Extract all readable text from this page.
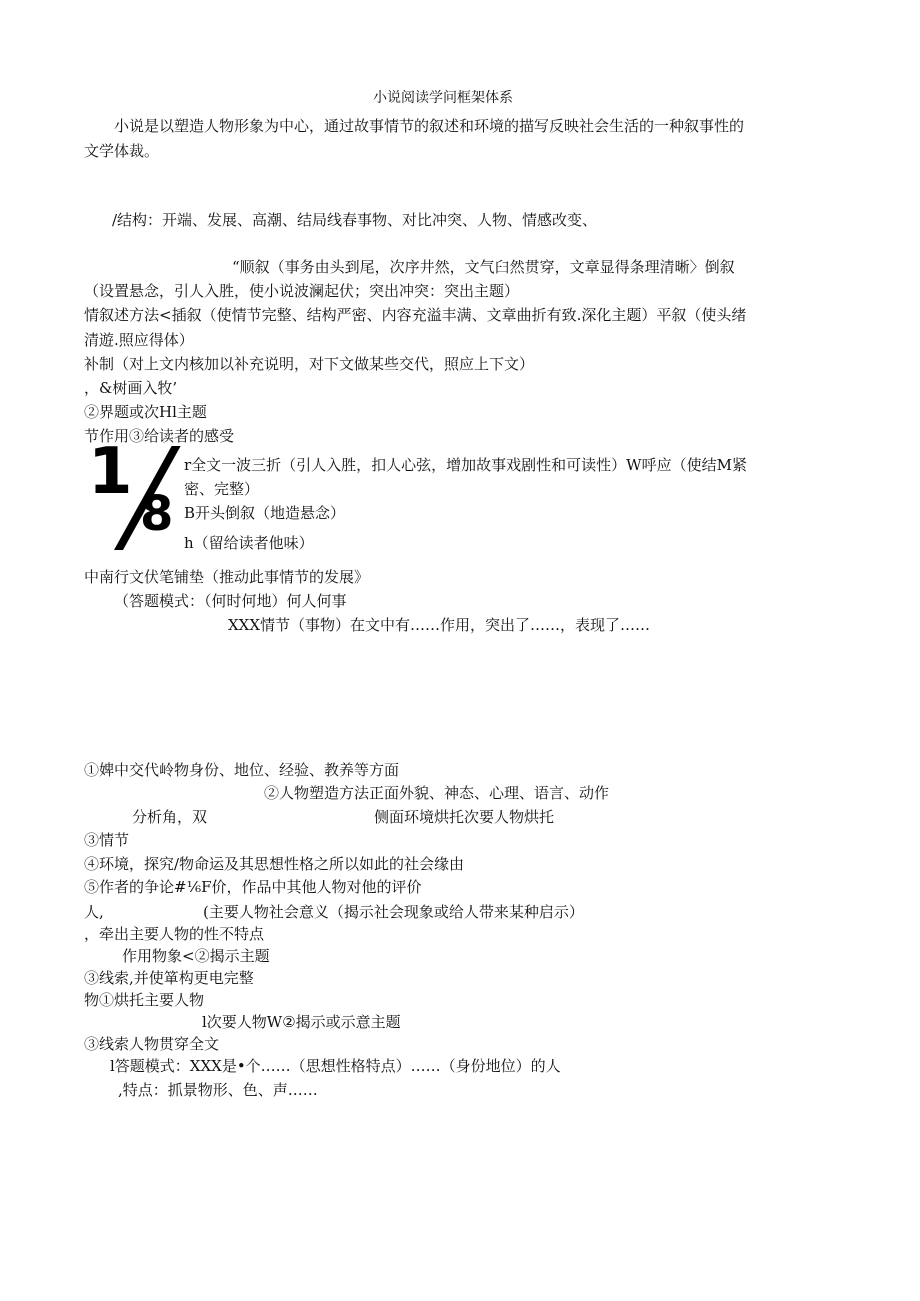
小说阅读学问框架体系
小说是以塑造人物形象为中心，通过故事情节的叙述和环境的描写反映社会生活的一种叙事性的
文学体裁。
/结构：开端、发展、高潮、结局线春事物、对比冲突、人物、情感改变、
“顺叙（事务由头到尾，次序井然，文气臼然贯穿，文章显得条理清晰〉倒叙
（设置悬念，引人入胜，使小说波澜起伏；突出冲突：突出主题）
情叙述方法<插叙（使情节完整、结构严密、内容充溢丰满、文章曲折有致.深化主题）平叙（使头绪
清遊.照应得体）
补制（对上文内核加以补充说明，对下文做某些交代，照应上下文）
，&树画入牧’
②界题或次Hl主题
节作用③给读者的感受
1
8
r全文一波三折（引人入胜，扣人心弦，增加故事戏剧性和可读性）W呼应（使结M紧
密、完整）
B开头倒叙（地造悬念）
h（留给读者他味）
中南行文伏笔铺垫（推动此事情节的发展》
（答题模式：（何时何地）何人何事
XXX情节（事物）在文中有……作用，突出了……，表现了……
①婢中交代岭物身份、地位、经验、教养等方面
②人物塑造方法正面外貌、神态、心理、语言、动作
分析角，双	侧面环境烘托次要人物烘托
③情节
④环境，探究/物命运及其思想性格之所以如此的社会缘由
⑤作者的争论#⅙F价，作品中其他人物对他的评价
人,	(主要人物社会意义（揭示社会现象或给人带来某种启示）
，牵出主要人物的性不特点
作用物象<②揭示主题
③线索,并使箪构更电完整
物①烘托主要人物
l次要人物W②揭示或示意主题
③线索人物贯穿全文
l答题模式：XXX是•个……（思想性格特点）……（身份地位）的人
,特点：抓景物形、色、声……
